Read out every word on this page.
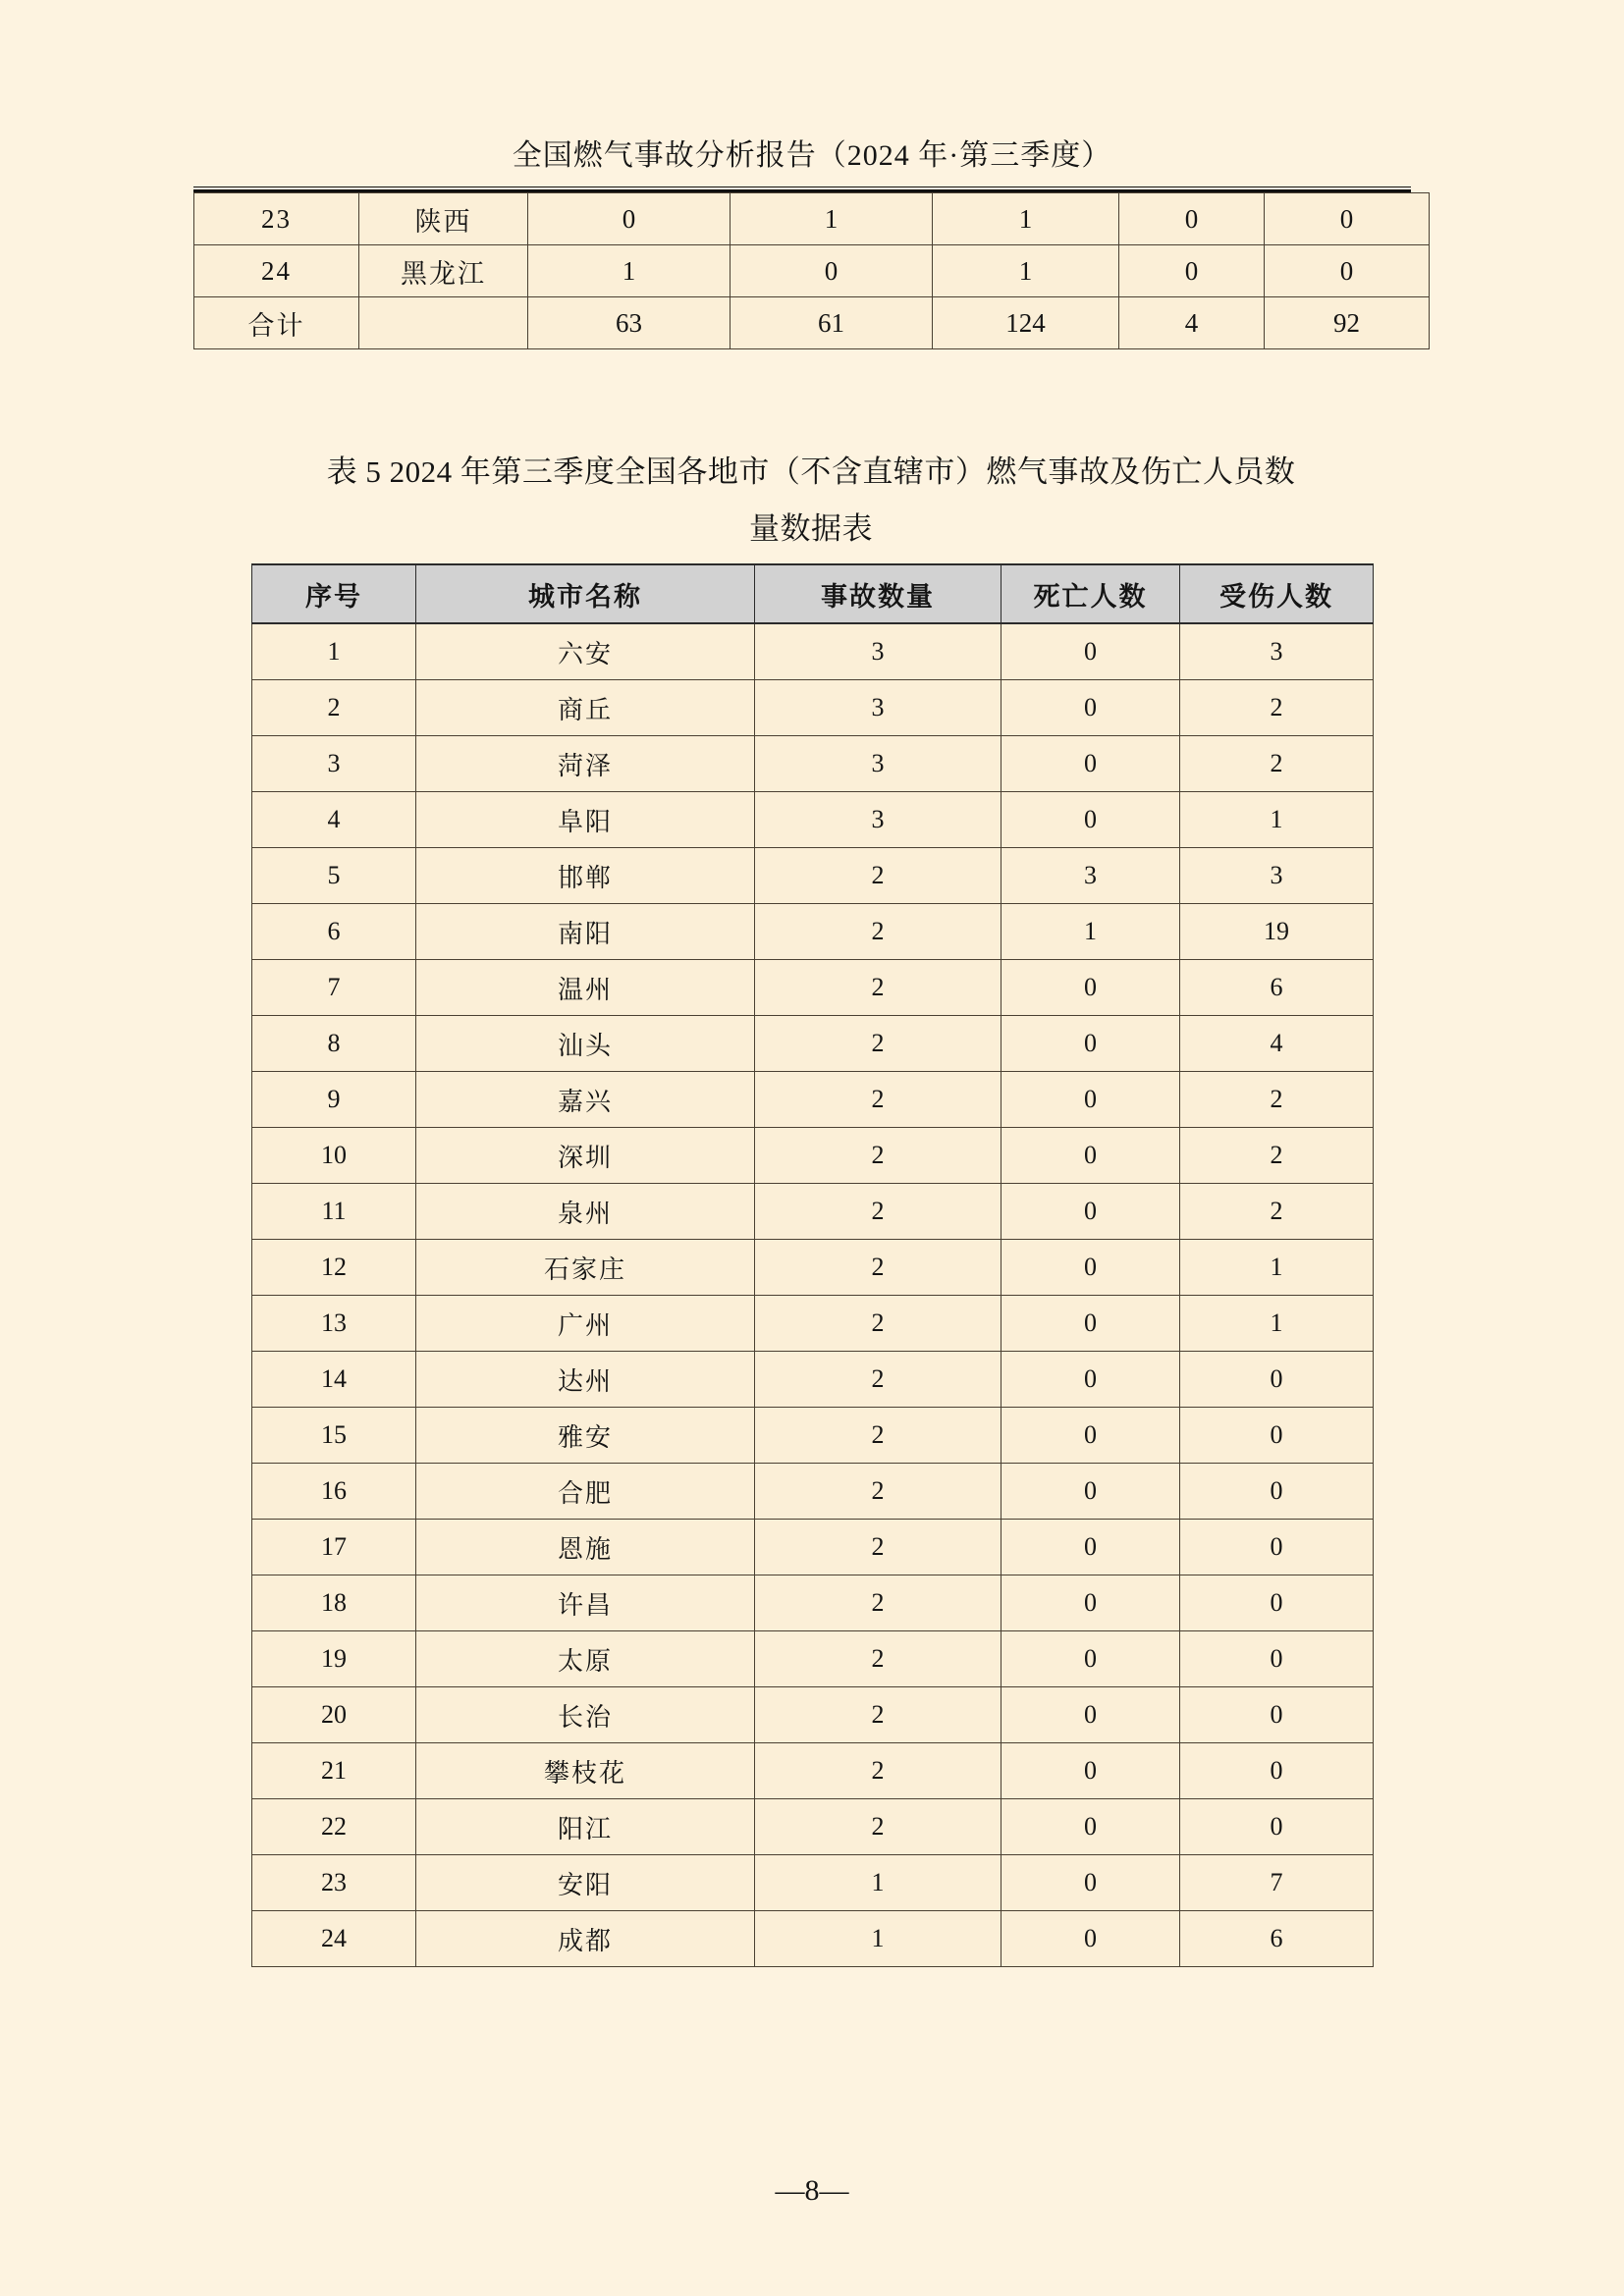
全国燃气事故分析报告（2024 年·第三季度）
23	陕西	0	1	1	0	0
24	黑龙江	1	0	1	0	0
合计		63	61	124	4	92
表 5 2024 年第三季度全国各地市（不含直辖市）燃气事故及伤亡人员数
量数据表
序号	城市名称	事故数量	死亡人数	受伤人数
1	六安	3	0	3
2	商丘	3	0	2
3	菏泽	3	0	2
4	阜阳	3	0	1
5	邯郸	2	3	3
6	南阳	2	1	19
7	温州	2	0	6
8	汕头	2	0	4
9	嘉兴	2	0	2
10	深圳	2	0	2
11	泉州	2	0	2
12	石家庄	2	0	1
13	广州	2	0	1
14	达州	2	0	0
15	雅安	2	0	0
16	合肥	2	0	0
17	恩施	2	0	0
18	许昌	2	0	0
19	太原	2	0	0
20	长治	2	0	0
21	攀枝花	2	0	0
22	阳江	2	0	0
23	安阳	1	0	7
24	成都	1	0	6
—8—
